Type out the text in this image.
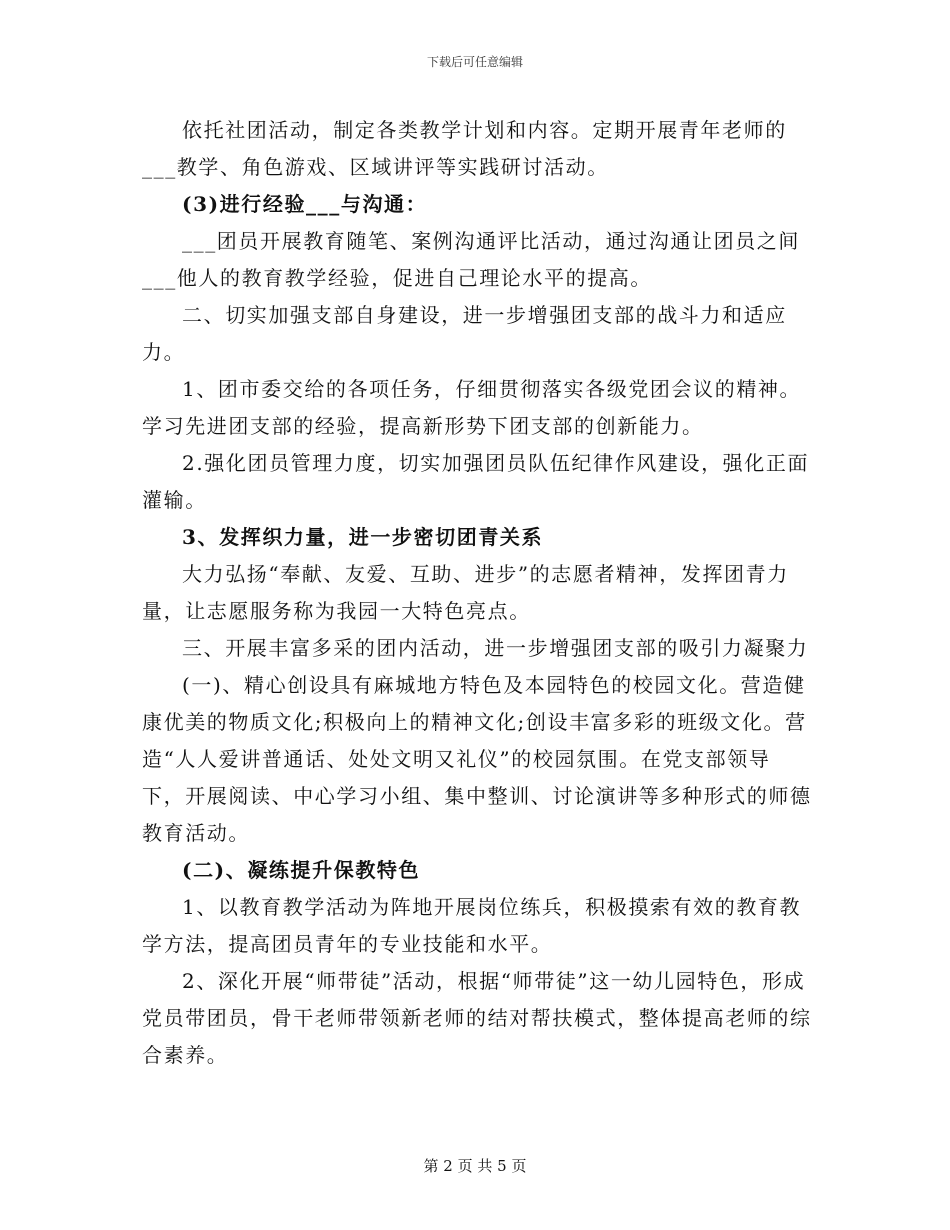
下载后可任意编辑

依托社团活动，制定各类教学计划和内容。定期开展青年老师的___教学、角色游戏、区域讲评等实践研讨活动。

(3)进行经验___与沟通：

___团员开展教育随笔、案例沟通评比活动，通过沟通让团员之间___他人的教育教学经验，促进自己理论水平的提高。

二、切实加强支部自身建设，进一步增强团支部的战斗力和适应力。

1、团市委交给的各项任务，仔细贯彻落实各级党团会议的精神。学习先进团支部的经验，提高新形势下团支部的创新能力。

2.强化团员管理力度，切实加强团员队伍纪律作风建设，强化正面灌输。

3、发挥织力量，进一步密切团青关系

大力弘扬“奉献、友爱、互助、进步”的志愿者精神，发挥团青力量，让志愿服务称为我园一大特色亮点。

三、开展丰富多采的团内活动，进一步增强团支部的吸引力凝聚力

(一)、精心创设具有麻城地方特色及本园特色的校园文化。营造健康优美的物质文化;积极向上的精神文化;创设丰富多彩的班级文化。营造“人人爱讲普通话、处处文明又礼仪”的校园氛围。在党支部领导下，开展阅读、中心学习小组、集中整训、讨论演讲等多种形式的师德教育活动。

(二)、凝练提升保教特色

1、以教育教学活动为阵地开展岗位练兵，积极摸索有效的教育教学方法，提高团员青年的专业技能和水平。

2、深化开展“师带徒”活动，根据“师带徒”这一幼儿园特色，形成党员带团员，骨干老师带领新老师的结对帮扶模式，整体提高老师的综合素养。

第 2 页 共 5 页
